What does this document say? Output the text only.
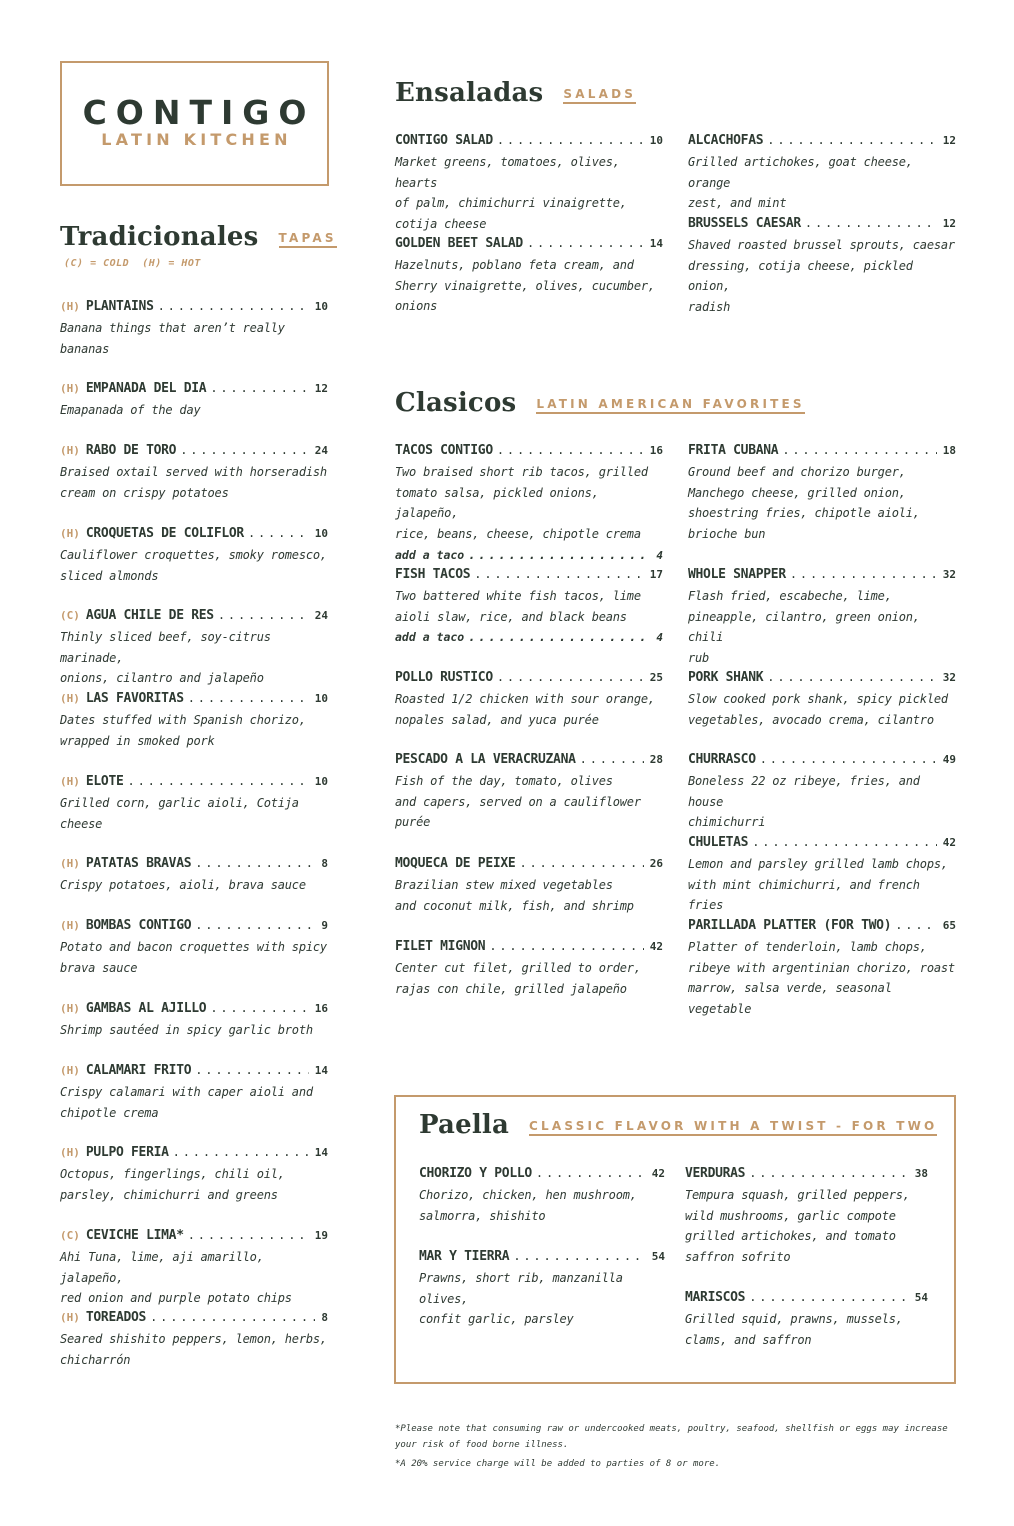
CONTIGO
LATIN KITCHEN
Tradicionales TAPAS
(C) = COLD  (H) = HOT
Ensaladas SALADS
Clasicos LATIN AMERICAN FAVORITES
Paella CLASSIC FLAVOR WITH A TWIST - FOR TWO
(H) PLANTAINS . . .	10
Banana things that aren’t really
bananas
(H) EMPANADA DEL DIA . . .	12
Emapanada of the day
(H) RABO DE TORO . . .	24
Braised oxtail served with horseradish
cream on crispy potatoes
(H) CROQUETAS DE COLIFLOR . . .	10
Cauliflower croquettes, smoky romesco,
sliced almonds
(C) AGUA CHILE DE RES . . .	24
Thinly sliced beef, soy-citrus marinade,
onions, cilantro and jalapeño
(H) LAS FAVORITAS . . .	10
Dates stuffed with Spanish chorizo,
wrapped in smoked pork
(H) ELOTE . . .	10
Grilled corn, garlic aioli, Cotija
cheese
(H) PATATAS BRAVAS . . .	8
Crispy potatoes, aioli, brava sauce
(H) BOMBAS CONTIGO . . .	9
Potato and bacon croquettes with spicy
brava sauce
(H) GAMBAS AL AJILLO . . .	16
Shrimp sautéed in spicy garlic broth
(H) CALAMARI FRITO . . .	14
Crispy calamari with caper aioli and
chipotle crema
(H) PULPO FERIA . . .	14
Octopus, fingerlings, chili oil,
parsley, chimichurri and greens
(C) CEVICHE LIMA* . . .	19
Ahi Tuna, lime, aji amarillo, jalapeño,
red onion and purple potato chips
(H) TOREADOS . . .	8
Seared shishito peppers, lemon, herbs,
chicharrón
CONTIGO SALAD . . .	10
Market greens, tomatoes, olives, hearts
of palm, chimichurri vinaigrette,
cotija cheese
GOLDEN BEET SALAD . . .	14
Hazelnuts, poblano feta cream, and
Sherry vinaigrette, olives, cucumber,
onions
ALCACHOFAS . . .	12
Grilled artichokes, goat cheese, orange
zest, and mint
BRUSSELS CAESAR . . .	12
Shaved roasted brussel sprouts, caesar
dressing, cotija cheese, pickled onion,
radish
TACOS CONTIGO . . .	16
Two braised short rib tacos, grilled
tomato salsa, pickled onions, jalapeño,
rice, beans, cheese, chipotle crema
add a taco . . .	4
FISH TACOS . . .	17
Two battered white fish tacos, lime
aioli slaw, rice, and black beans
add a taco . . .	4
POLLO RUSTICO . . .	25
Roasted 1/2 chicken with sour orange,
nopales salad, and yuca purée
PESCADO A LA VERACRUZANA . . .	28
Fish of the day, tomato, olives
and capers, served on a cauliflower
purée
MOQUECA DE PEIXE . . .	26
Brazilian stew mixed vegetables
and coconut milk, fish, and shrimp
FILET MIGNON . . .	42
Center cut filet, grilled to order,
rajas con chile, grilled jalapeño
FRITA CUBANA . . .	18
Ground beef and chorizo burger,
Manchego cheese, grilled onion,
shoestring fries, chipotle aioli,
brioche bun
WHOLE SNAPPER . . .	32
Flash fried, escabeche, lime,
pineapple, cilantro, green onion, chili
rub
PORK SHANK . . .	32
Slow cooked pork shank, spicy pickled
vegetables, avocado crema, cilantro
CHURRASCO . . .	49
Boneless 22 oz ribeye, fries, and house
chimichurri
CHULETAS . . .	42
Lemon and parsley grilled lamb chops,
with mint chimichurri, and french fries
PARILLADA PLATTER (FOR TWO) . . .	65
Platter of tenderloin, lamb chops,
ribeye with argentinian chorizo, roast
marrow, salsa verde, seasonal vegetable
CHORIZO Y POLLO . . .	42
Chorizo, chicken, hen mushroom,
salmorra, shishito
MAR Y TIERRA . . .	54
Prawns, short rib, manzanilla olives,
confit garlic, parsley
VERDURAS . . .	38
Tempura squash, grilled peppers,
wild mushrooms, garlic compote
grilled artichokes, and tomato
saffron sofrito
MARISCOS . . .	54
Grilled squid, prawns, mussels,
clams, and saffron
*Please note that consuming raw or undercooked meats, poultry, seafood, shellfish or eggs may increase
your risk of food borne illness.
*A 20% service charge will be added to parties of 8 or more.
